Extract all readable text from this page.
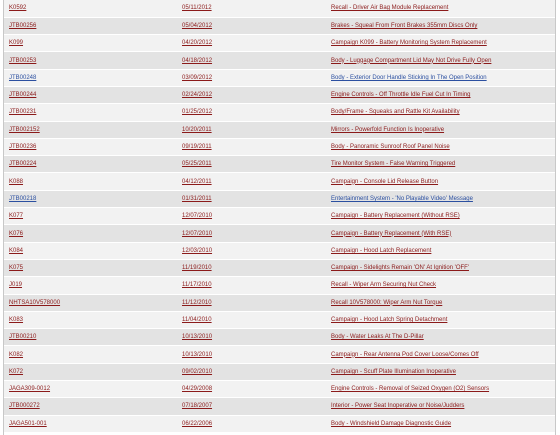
K0592	05/11/2012	Recall - Driver Air Bag Module Replacement
JTB00256	05/04/2012	Brakes - Squeal From Front Brakes 355mm Discs Only
K099	04/20/2012	Campaign K099 - Battery Monitoring System Replacement
JTB00253	04/18/2012	Body - Luggage Compartment Lid May Not Drive Fully Open
JTB00248	03/09/2012	Body - Exterior Door Handle Sticking In The Open Position
JTB00244	02/24/2012	Engine Controls - Off Throttle Idle Fuel Cut In Timing
JTB00231	01/25/2012	Body/Frame - Squeaks and Rattle Kit Availability
JTB002152	10/20/2011	Mirrors - Powerfold Function Is Inoperative
JTB00236	09/19/2011	Body - Panoramic Sunroof Roof Panel Noise
JTB00224	05/25/2011	Tire Monitor System - False Warning Triggered
K088	04/12/2011	Campaign - Console Lid Release Button
JTB00218	01/31/2011	Entertainment System - 'No Playable Video' Message
K077	12/07/2010	Campaign - Battery Replacement (Without RSE)
K076	12/07/2010	Campaign - Battery Replacement (With RSE)
K084	12/03/2010	Campaign - Hood Latch Replacement
K075	11/19/2010	Campaign - Sidelights Remain 'ON' At Ignition 'OFF'
J019	11/17/2010	Recall - Wiper Arm Securing Nut Check
NHTSA10V578000	11/12/2010	Recall 10V578000: Wiper Arm Nut Torque
K083	11/04/2010	Campaign - Hood Latch Spring Detachment
JTB00210	10/13/2010	Body - Water Leaks At The D-Pillar
K082	10/13/2010	Campaign - Rear Antenna Pod Cover Loose/Comes Off
K072	09/02/2010	Campaign - Scuff Plate Illumination Inoperative
JAGA309-0012	04/29/2008	Engine Controls - Removal of Seized Oxygen (O2) Sensors
JTB000272	07/18/2007	Interior - Power Seat Inoperative or Noise/Judders
JAGA501-001	06/22/2006	Body - Windshield Damage Diagnostic Guide
